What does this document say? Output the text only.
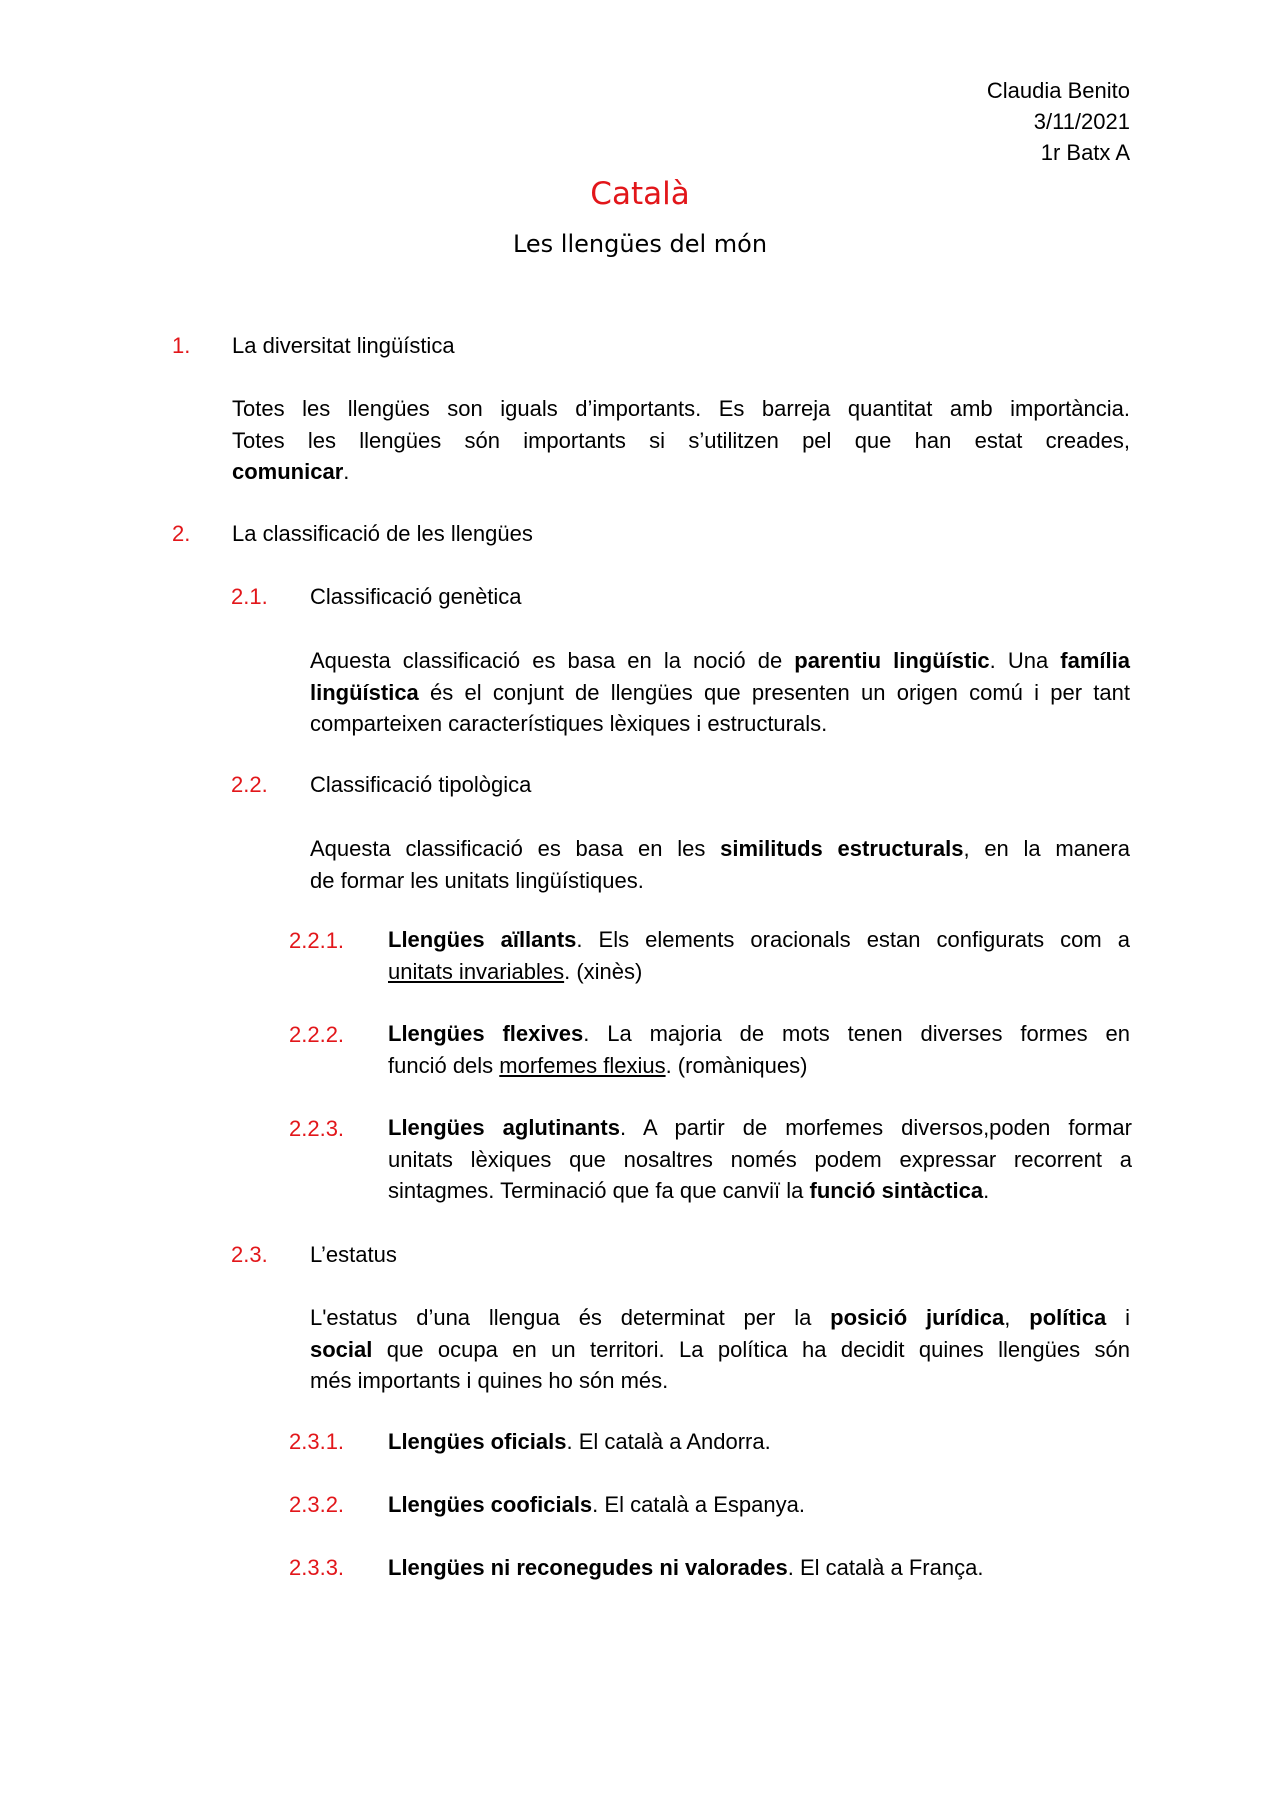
Claudia Benito
3/11/2021
1r Batx A
Català
Les llengües del món
1. La diversitat lingüística
Totes les llengües son iguals d’importants. Es barreja quantitat amb importància.
Totes les llengües són importants si s’utilitzen pel que han estat creades,
comunicar.
2. La classificació de les llengües
2.1. Classificació genètica
Aquesta classificació es basa en la noció de parentiu lingüístic. Una família
lingüística és el conjunt de llengües que presenten un origen comú i per tant
comparteixen característiques lèxiques i estructurals.
2.2. Classificació tipològica
Aquesta classificació es basa en les similituds estructurals, en la manera
de formar les unitats lingüístiques.
2.2.1. Llengües aïllants. Els elements oracionals estan configurats com a
unitats invariables. (xinès)
2.2.2. Llengües flexives. La majoria de mots tenen diverses formes en
funció dels morfemes flexius. (romàniques)
2.2.3. Llengües aglutinants. A partir de morfemes diversos,poden formar
unitats lèxiques que nosaltres només podem expressar recorrent a
sintagmes. Terminació que fa que canviï la funció sintàctica.
2.3. L’estatus
L'estatus d’una llengua és determinat per la posició jurídica, política i
social que ocupa en un territori. La política ha decidit quines llengües són
més importants i quines ho són més.
2.3.1. Llengües oficials. El català a Andorra.
2.3.2. Llengües cooficials. El català a Espanya.
2.3.3. Llengües ni reconegudes ni valorades. El català a França.
